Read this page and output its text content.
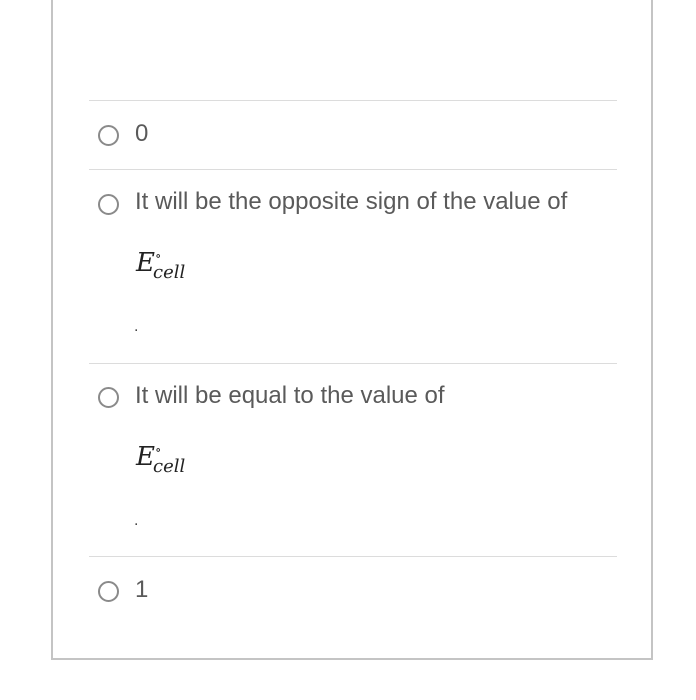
0
It will be the opposite sign of the value of
E ∘
cell
.
It will be equal to the value of
E ∘
cell
.
1
